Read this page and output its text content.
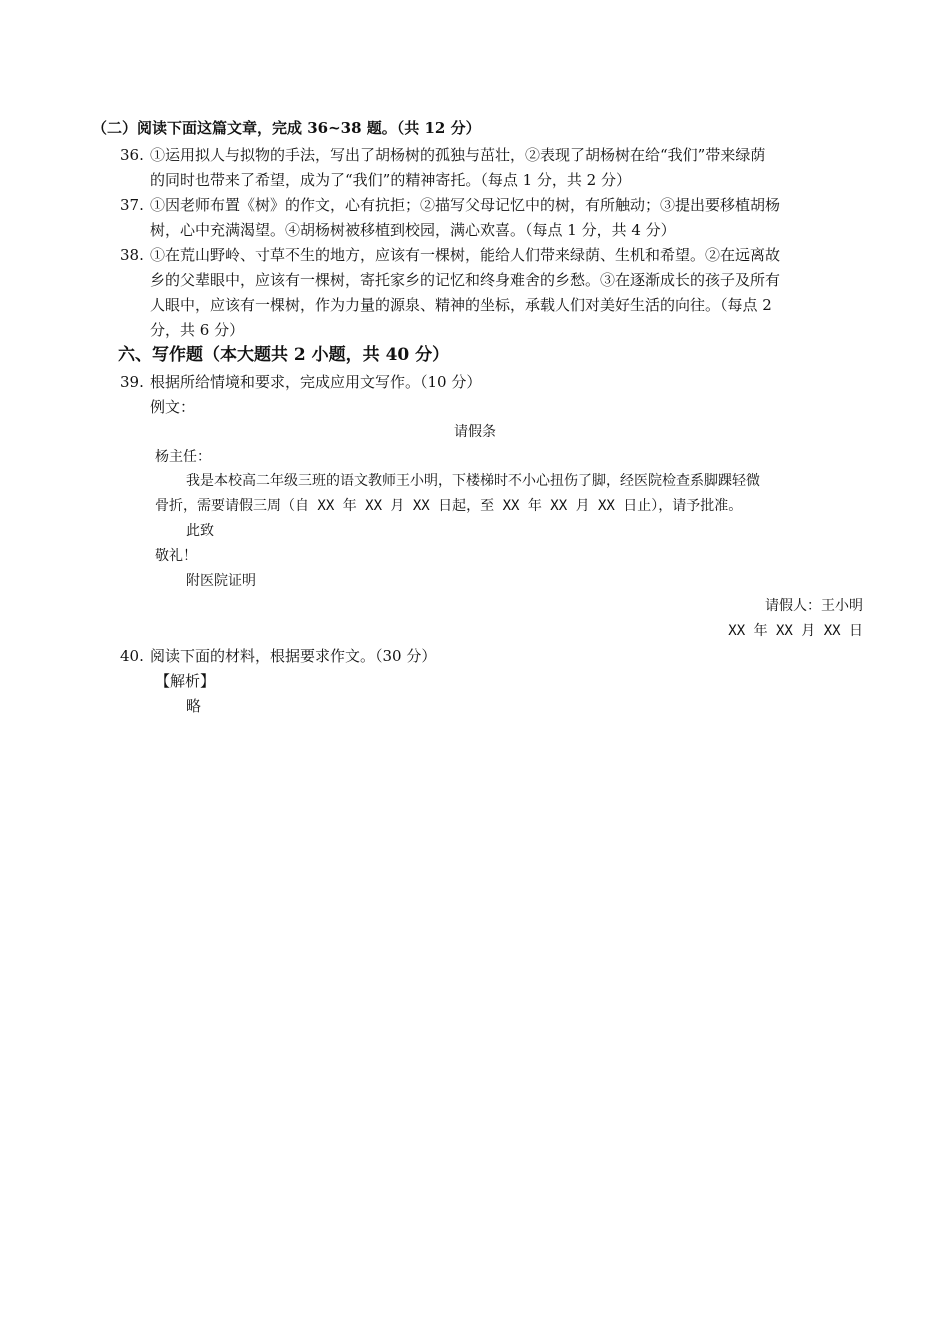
（二）阅读下面这篇文章，完成 36~38 题。（共 12 分）
36. ①运用拟人与拟物的手法，写出了胡杨树的孤独与茁壮，②表现了胡杨树在给“我们”带来绿荫
的同时也带来了希望，成为了“我们”的精神寄托。（每点 1 分，共 2 分）
37. ①因老师布置《树》的作文，心有抗拒；②描写父母记忆中的树，有所触动；③提出要移植胡杨
树，心中充满渴望。④胡杨树被移植到校园，满心欢喜。（每点 1 分，共 4 分）
38. ①在荒山野岭、寸草不生的地方，应该有一棵树，能给人们带来绿荫、生机和希望。②在远离故
乡的父辈眼中，应该有一棵树，寄托家乡的记忆和终身难舍的乡愁。③在逐渐成长的孩子及所有
人眼中，应该有一棵树，作为力量的源泉、精神的坐标，承载人们对美好生活的向往。（每点 2
分，共 6 分）
六、写作题（本大题共 2 小题，共 40 分）
39. 根据所给情境和要求，完成应用文写作。（10 分）
例文：
请假条
杨主任：
我是本校高二年级三班的语文教师王小明，下楼梯时不小心扭伤了脚，经医院检查系脚踝轻微
骨折，需要请假三周（自 XX 年 XX 月 XX 日起，至 XX 年 XX 月 XX 日止），请予批准。
此致
敬礼！
附医院证明
请假人：王小明
XX 年 XX 月 XX 日
40. 阅读下面的材料，根据要求作文。（30 分）
【解析】
略
